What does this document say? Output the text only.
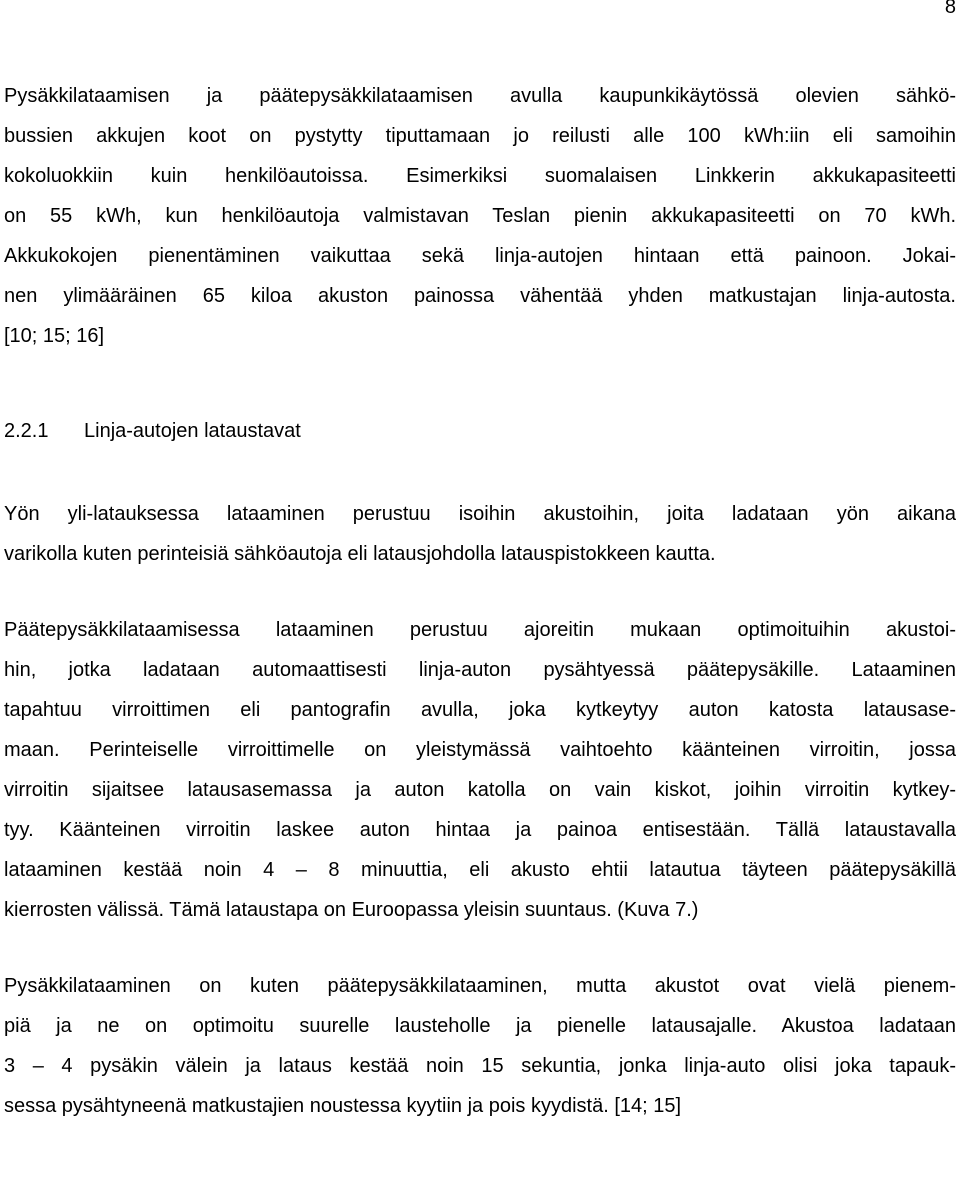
8
Pysäkkilataamisen ja päätepysäkkilataamisen avulla kaupunkikäytössä olevien sähkö-
bussien akkujen koot on pystytty tiputtamaan jo reilusti alle 100 kWh:iin eli samoihin
kokoluokkiin kuin henkilöautoissa. Esimerkiksi suomalaisen Linkkerin akkukapasiteetti
on 55 kWh, kun henkilöautoja valmistavan Teslan pienin akkukapasiteetti on 70 kWh.
Akkukokojen pienentäminen vaikuttaa sekä linja-autojen hintaan että painoon. Jokai-
nen ylimääräinen 65 kiloa akuston painossa vähentää yhden matkustajan linja-autosta.
[10; 15; 16]
2.2.1 Linja-autojen lataustavat
Yön yli-latauksessa lataaminen perustuu isoihin akustoihin, joita ladataan yön aikana
varikolla kuten perinteisiä sähköautoja eli latausjohdolla latauspistokkeen kautta.
Päätepysäkkilataamisessa lataaminen perustuu ajoreitin mukaan optimoituihin akustoi-
hin, jotka ladataan automaattisesti linja-auton pysähtyessä päätepysäkille. Lataaminen
tapahtuu virroittimen eli pantografin avulla, joka kytkeytyy auton katosta latausase-
maan. Perinteiselle virroittimelle on yleistymässä vaihtoehto käänteinen virroitin, jossa
virroitin sijaitsee latausasemassa ja auton katolla on vain kiskot, joihin virroitin kytkey-
tyy. Käänteinen virroitin laskee auton hintaa ja painoa entisestään. Tällä lataustavalla
lataaminen kestää noin 4 – 8 minuuttia, eli akusto ehtii latautua täyteen päätepysäkillä
kierrosten välissä. Tämä lataustapa on Euroopassa yleisin suuntaus. (Kuva 7.)
Pysäkkilataaminen on kuten päätepysäkkilataaminen, mutta akustot ovat vielä pienem-
piä ja ne on optimoitu suurelle lausteholle ja pienelle latausajalle. Akustoa ladataan
3 – 4 pysäkin välein ja lataus kestää noin 15 sekuntia, jonka linja-auto olisi joka tapauk-
sessa pysähtyneenä matkustajien noustessa kyytiin ja pois kyydistä. [14; 15]
